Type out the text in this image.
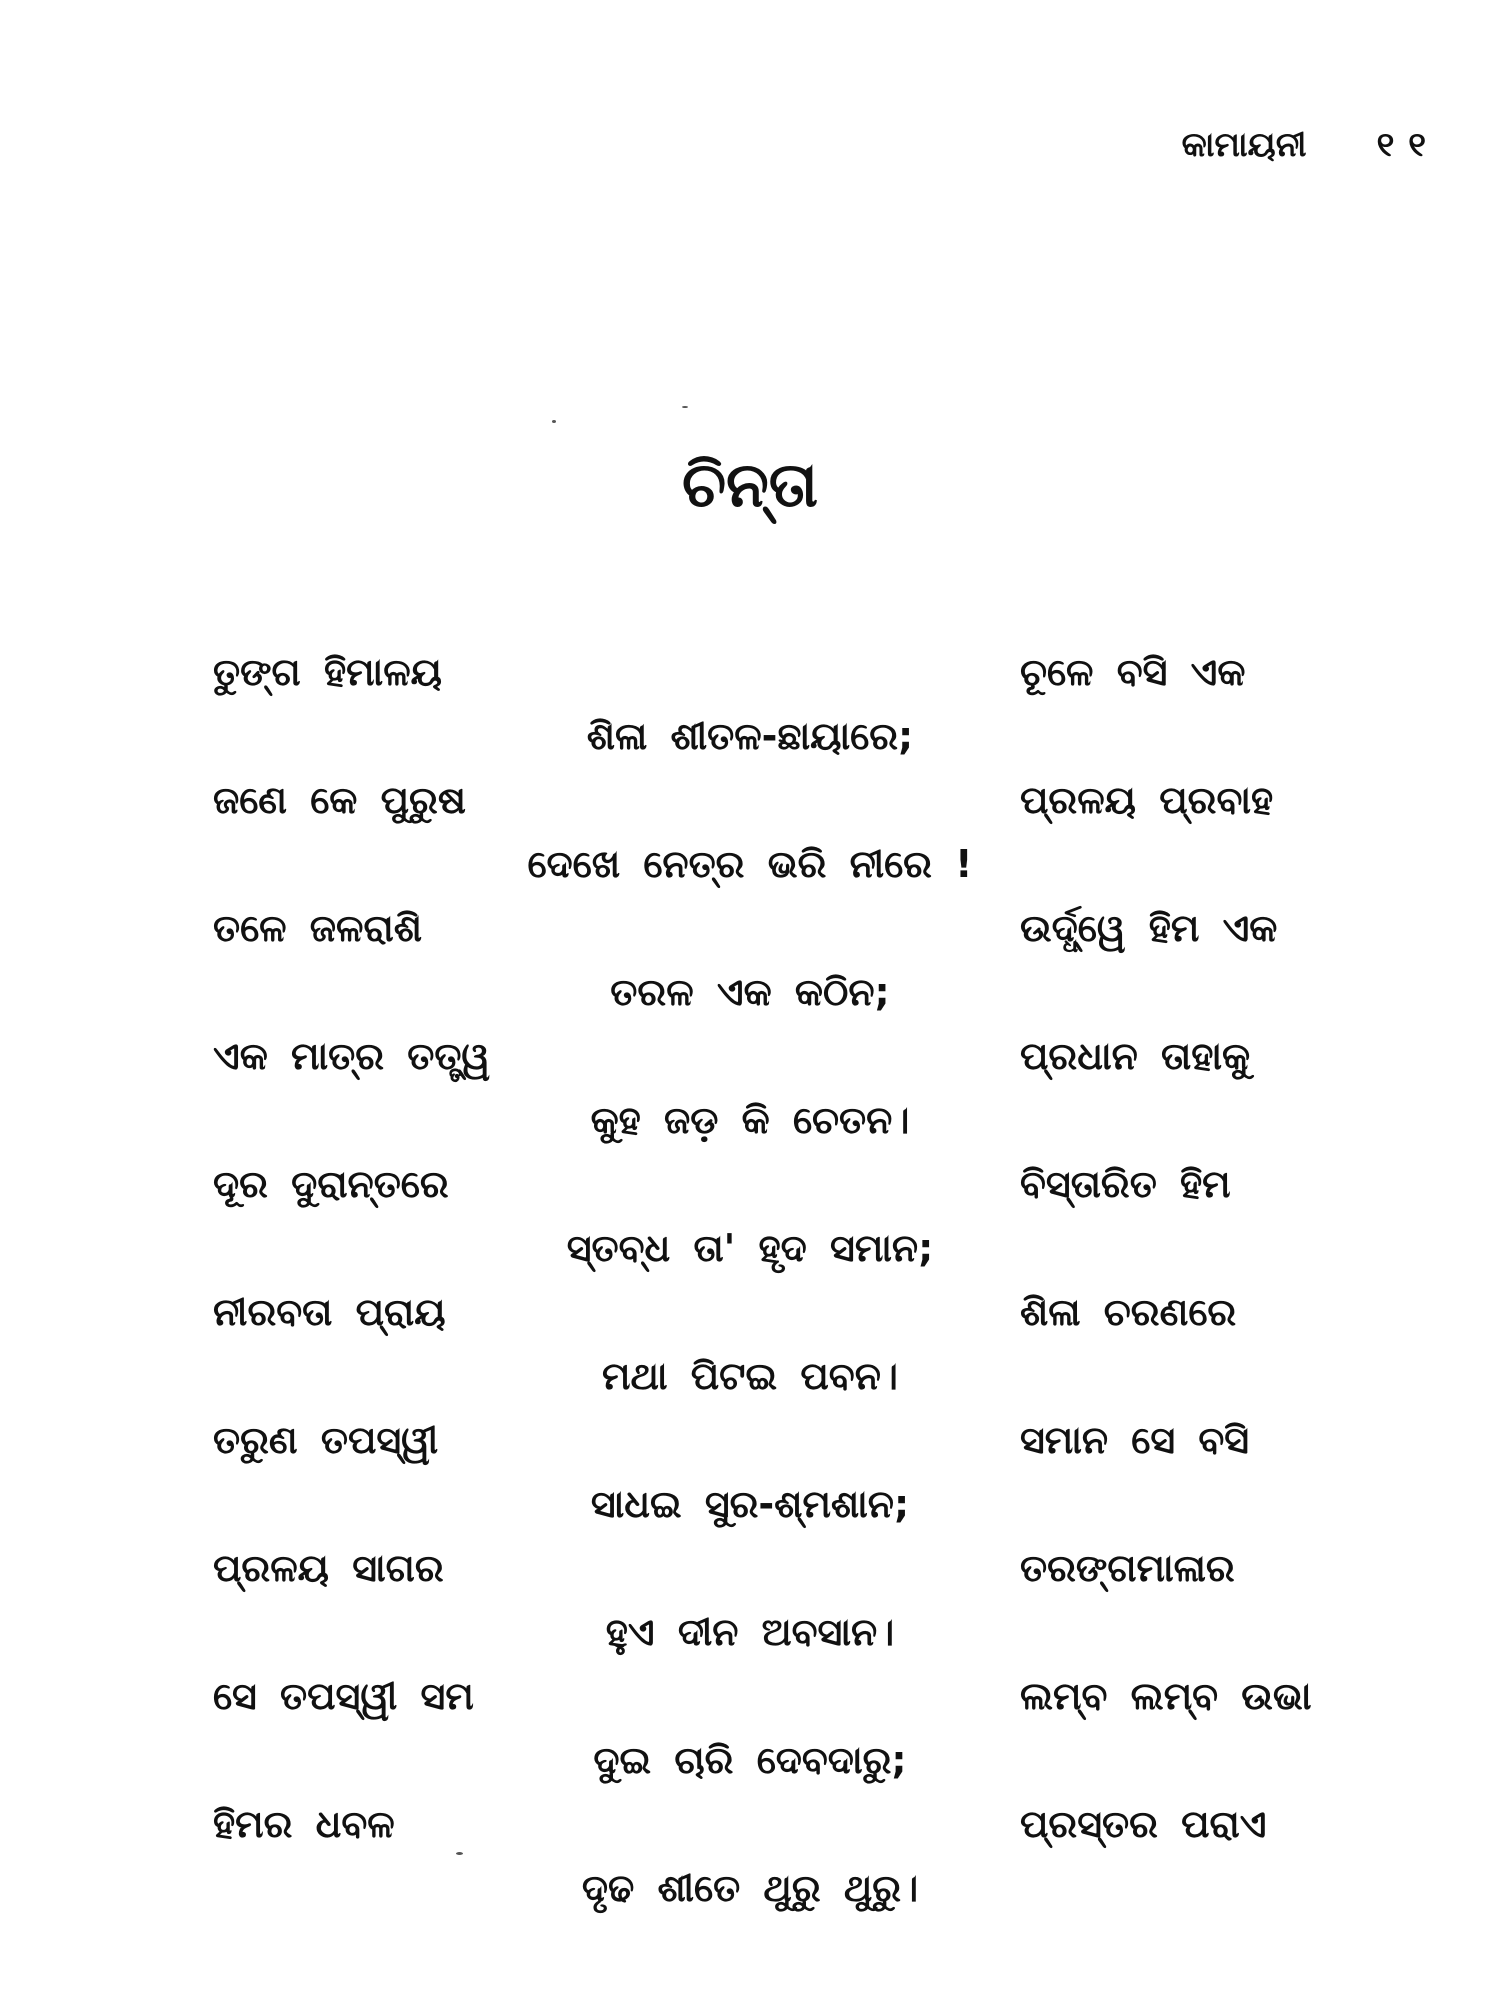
କାମାୟନୀ ୧୧
ଚିନ୍ତା
ତୁଙ୍ଗ ହିମାଳୟ	ଚୂଳେ ବସି ଏକ
ଶିଳା ଶୀତଳ-ଛାୟାରେ;
ଜଣେ କେ ପୁରୁଷ	ପ୍ରଳୟ ପ୍ରବାହ
ଦେଖେ ନେତ୍ର ଭରି ନୀରେ !
ତଳେ ଜଳରାଶି	ଉର୍ଦ୍ଧ୍ୱେ ହିମ ଏକ
ତରଳ ଏକ କଠିନ;
ଏକ ମାତ୍ର ତତ୍ତ୍ୱ	ପ୍ରଧାନ ତାହାକୁ
କୁହ ଜଡ଼ କି ଚେତନ।
ଦୂର ଦୁରାନ୍ତରେ	ବିସ୍ତାରିତ ହିମ
ସ୍ତବ୍ଧ ତା' ହୃଦ ସମାନ;
ନୀରବତା ପ୍ରାୟ	ଶିଳା ଚରଣରେ
ମଥା ପିଟଇ ପବନ।
ତରୁଣ ତପସ୍ୱୀ	ସମାନ ସେ ବସି
ସାଧଇ ସୁର-ଶ୍ମଶାନ;
ପ୍ରଳୟ ସାଗର	ତରଙ୍ଗମାଳାର
ହୁଏ ଦୀନ ଅବସାନ।
ସେ ତପସ୍ୱୀ ସମ	ଲମ୍ବ ଲମ୍ବ ଉଭା
ଦୁଇ ଚାରି ଦେବଦାରୁ;
ହିମର ଧବଳ	ପ୍ରସ୍ତର ପରାଏ
ଦୃଢ ଶୀତେ ଥୁରୁ ଥୁରୁ।
